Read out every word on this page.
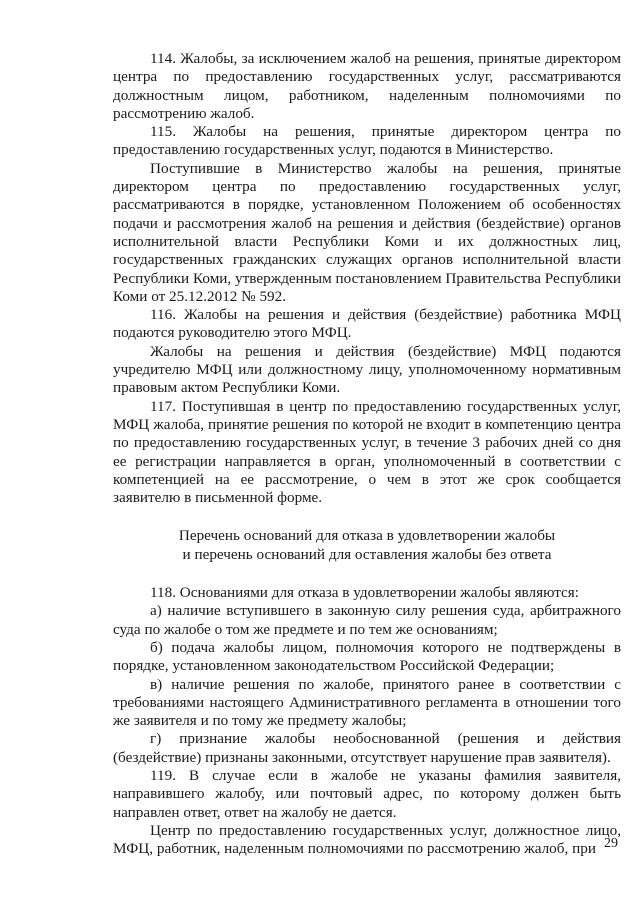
114. Жалобы, за исключением жалоб на решения, принятые директором центра по предоставлению государственных услуг, рассматриваются должностным лицом, работником, наделенным полномочиями по рассмотрению жалоб.

115. Жалобы на решения, принятые директором центра по предоставлению государственных услуг, подаются в Министерство.

Поступившие в Министерство жалобы на решения, принятые директором центра по предоставлению государственных услуг, рассматриваются в порядке, установленном Положением об особенностях подачи и рассмотрения жалоб на решения и действия (бездействие) органов исполнительной власти Республики Коми и их должностных лиц, государственных гражданских служащих органов исполнительной власти Республики Коми, утвержденным постановлением Правительства Республики Коми от 25.12.2012 № 592.

116. Жалобы на решения и действия (бездействие) работника МФЦ подаются руководителю этого МФЦ.

Жалобы на решения и действия (бездействие) МФЦ подаются учредителю МФЦ или должностному лицу, уполномоченному нормативным правовым актом Республики Коми.

117. Поступившая в центр по предоставлению государственных услуг, МФЦ жалоба, принятие решения по которой не входит в компетенцию центра по предоставлению государственных услуг, в течение 3 рабочих дней со дня ее регистрации направляется в орган, уполномоченный в соответствии с компетенцией на ее рассмотрение, о чем в этот же срок сообщается заявителю в письменной форме.

Перечень оснований для отказа в удовлетворении жалобы
и перечень оснований для оставления жалобы без ответа

118. Основаниями для отказа в удовлетворении жалобы являются:

а) наличие вступившего в законную силу решения суда, арбитражного суда по жалобе о том же предмете и по тем же основаниям;

б) подача жалобы лицом, полномочия которого не подтверждены в порядке, установленном законодательством Российской Федерации;

в) наличие решения по жалобе, принятого ранее в соответствии с требованиями настоящего Административного регламента в отношении того же заявителя и по тому же предмету жалобы;

г) признание жалобы необоснованной (решения и действия (бездействие) признаны законными, отсутствует нарушение прав заявителя).

119. В случае если в жалобе не указаны фамилия заявителя, направившего жалобу, или почтовый адрес, по которому должен быть направлен ответ, ответ на жалобу не дается.

Центр по предоставлению государственных услуг, должностное лицо, МФЦ, работник, наделенным полномочиями по рассмотрению жалоб, при 29
